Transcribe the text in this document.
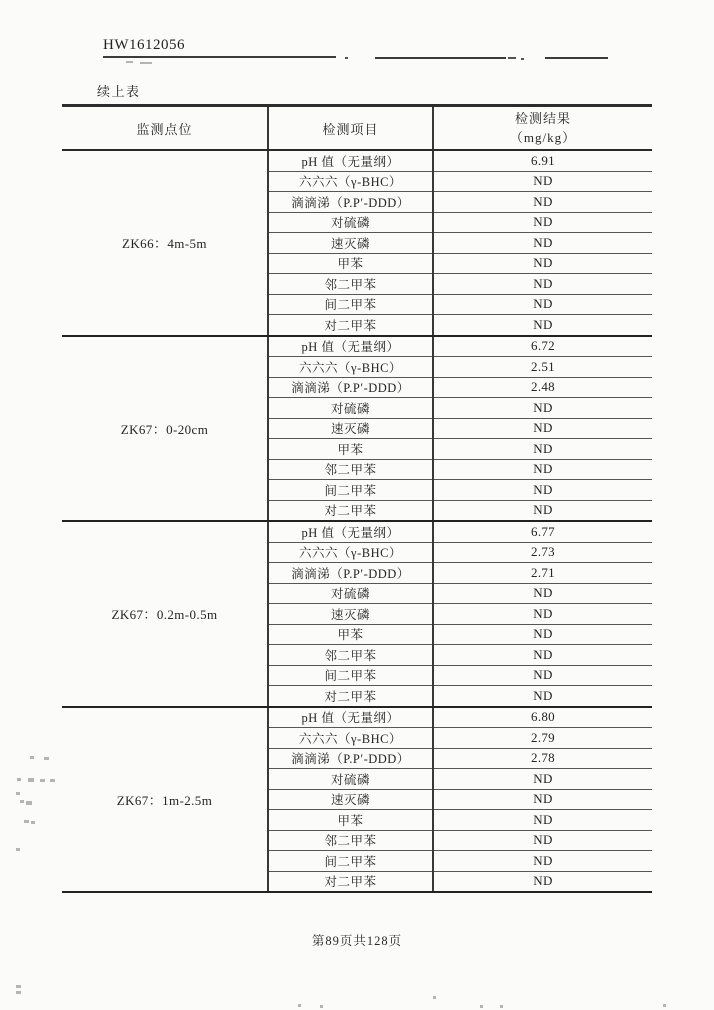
HW1612056
续上表
监测点位	检测项目	检测结果
（mg/kg）

ZK66：4m-5m	pH 值（无量纲）	6.91
	六六六（γ-BHC）	ND
	滴滴涕（P.P′-DDD）	ND
	对硫磷	ND
	速灭磷	ND
	甲苯	ND
	邻二甲苯	ND
	间二甲苯	ND
	对二甲苯	ND
ZK67：0-20cm	pH 值（无量纲）	6.72
	六六六（γ-BHC）	2.51
	滴滴涕（P.P′-DDD）	2.48
	对硫磷	ND
	速灭磷	ND
	甲苯	ND
	邻二甲苯	ND
	间二甲苯	ND
	对二甲苯	ND
ZK67：0.2m-0.5m	pH 值（无量纲）	6.77
	六六六（γ-BHC）	2.73
	滴滴涕（P.P′-DDD）	2.71
	对硫磷	ND
	速灭磷	ND
	甲苯	ND
	邻二甲苯	ND
	间二甲苯	ND
	对二甲苯	ND
ZK67：1m-2.5m	pH 值（无量纲）	6.80
	六六六（γ-BHC）	2.79
	滴滴涕（P.P′-DDD）	2.78
	对硫磷	ND
	速灭磷	ND
	甲苯	ND
	邻二甲苯	ND
	间二甲苯	ND
	对二甲苯	ND
第89页共128页
